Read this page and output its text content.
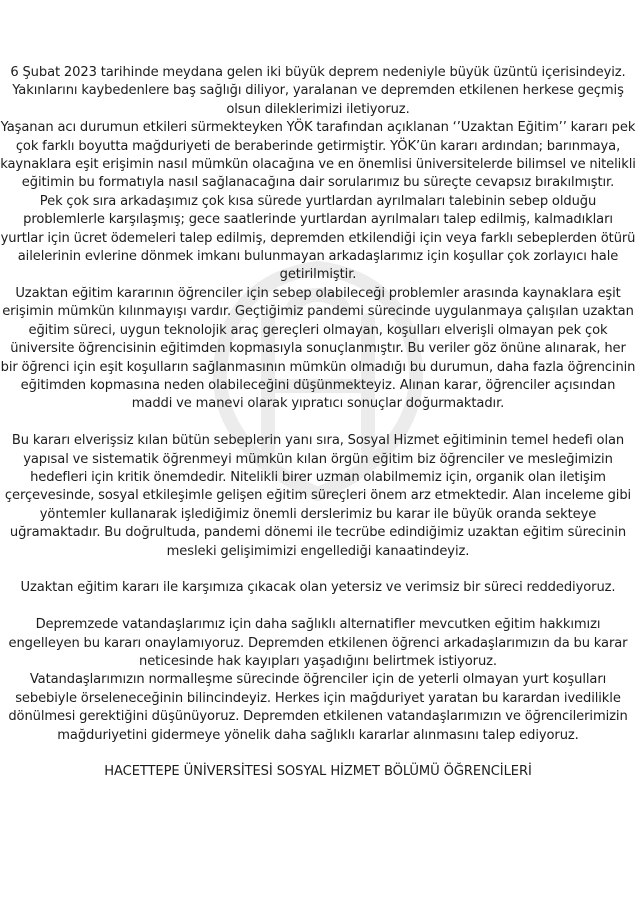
6 Şubat 2023 tarihinde meydana gelen iki büyük deprem nedeniyle büyük üzüntü içerisindeyiz. Yakınlarını kaybedenlere baş sağlığı diliyor, yaralanan ve depremden etkilenen herkese geçmiş olsun dileklerimizi iletiyoruz.

Yaşanan acı durumun etkileri sürmekteyken YÖK tarafından açıklanan ‘’Uzaktan Eğitim’’ kararı pek çok farklı boyutta mağduriyeti de beraberinde getirmiştir. YÖK’ün kararı ardından; barınmaya, kaynaklara eşit erişimin nasıl mümkün olacağına ve en önemlisi üniversitelerde bilimsel ve nitelikli eğitimin bu formatıyla nasıl sağlanacağına dair sorularımız bu süreçte cevapsız bırakılmıştır.

Pek çok sıra arkadaşımız çok kısa sürede yurtlardan ayrılmaları talebinin sebep olduğu problemlerle karşılaşmış; gece saatlerinde yurtlardan ayrılmaları talep edilmiş, kalmadıkları yurtlar için ücret ödemeleri talep edilmiş, depremden etkilendiği için veya farklı sebeplerden ötürü ailelerinin evlerine dönmek imkanı bulunmayan arkadaşlarımız için koşullar çok zorlayıcı hale getirilmiştir.

Uzaktan eğitim kararının öğrenciler için sebep olabileceği problemler arasında kaynaklara eşit erişimin mümkün kılınmayışı vardır. Geçtiğimiz pandemi sürecinde uygulanmaya çalışılan uzaktan eğitim süreci, uygun teknolojik araç gereçleri olmayan, koşulları elverişli olmayan pek çok üniversite öğrencisinin eğitimden kopmasıyla sonuçlanmıştır. Bu veriler göz önüne alınarak, her bir öğrenci için eşit koşulların sağlanmasının mümkün olmadığı bu durumun, daha fazla öğrencinin eğitimden kopmasına neden olabileceğini düşünmekteyiz. Alınan karar, öğrenciler açısından maddi ve manevi olarak yıpratıcı sonuçlar doğurmaktadır.

Bu kararı elverişsiz kılan bütün sebeplerin yanı sıra, Sosyal Hizmet eğitiminin temel hedefi olan yapısal ve sistematik öğrenmeyi mümkün kılan örgün eğitim biz öğrenciler ve mesleğimizin hedefleri için kritik önemdedir. Nitelikli birer uzman olabilmemiz için, organik olan iletişim çerçevesinde, sosyal etkileşimle gelişen eğitim süreçleri önem arz etmektedir. Alan inceleme gibi yöntemler kullanarak işlediğimiz önemli derslerimiz bu karar ile büyük oranda sekteye uğramaktadır. Bu doğrultuda, pandemi dönemi ile tecrübe edindiğimiz uzaktan eğitim sürecinin mesleki gelişimimizi engellediği kanaatindeyiz.

Uzaktan eğitim kararı ile karşımıza çıkacak olan yetersiz ve verimsiz bir süreci reddediyoruz.

Depremzede vatandaşlarımız için daha sağlıklı alternatifler mevcutken eğitim hakkımızı engelleyen bu kararı onaylamıyoruz. Depremden etkilenen öğrenci arkadaşlarımızın da bu karar neticesinde hak kayıpları yaşadığını belirtmek istiyoruz.

Vatandaşlarımızın normalleşme sürecinde öğrenciler için de yeterli olmayan yurt koşulları sebebiyle örseleneceğinin bilincindeyiz. Herkes için mağduriyet yaratan bu karardan ivedilikle dönülmesi gerektiğini düşünüyoruz. Depremden etkilenen vatandaşlarımızın ve öğrencilerimizin mağduriyetini gidermeye yönelik daha sağlıklı kararlar alınmasını talep ediyoruz.

HACETTEPE ÜNİVERSİTESİ SOSYAL HİZMET BÖLÜMÜ ÖĞRENCİLERİ
